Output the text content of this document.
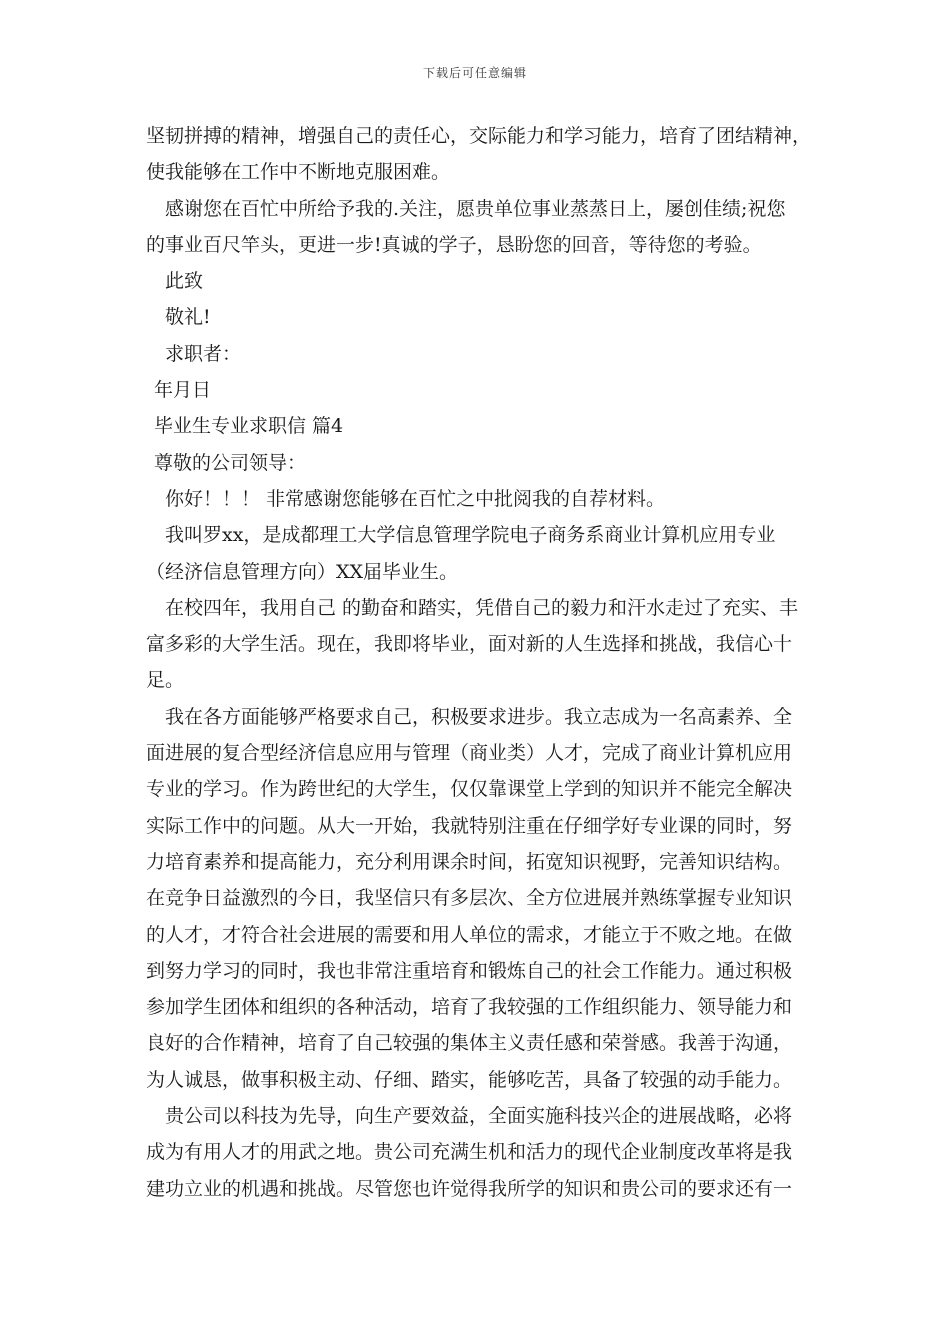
下载后可任意编辑
坚韧拼搏的精神，增强自己的责任心，交际能力和学习能力，培育了团结精神，
使我能够在工作中不断地克服困难。
感谢您在百忙中所给予我的.关注，愿贵单位事业蒸蒸日上，屡创佳绩;祝您
的事业百尺竿头，更进一步!真诚的学子，恳盼您的回音，等待您的考验。
此致
敬礼!
求职者：
年月日
毕业生专业求职信 篇4
尊敬的公司领导：
你好！！！ 非常感谢您能够在百忙之中批阅我的自荐材料。
我叫罗xx，是成都理工大学信息管理学院电子商务系商业计算机应用专业
（经济信息管理方向）XX届毕业生。
在校四年，我用自己 的勤奋和踏实，凭借自己的毅力和汗水走过了充实、丰
富多彩的大学生活。现在，我即将毕业，面对新的人生选择和挑战，我信心十
足。
我在各方面能够严格要求自己，积极要求进步。我立志成为一名高素养、全
面进展的复合型经济信息应用与管理（商业类）人才，完成了商业计算机应用
专业的学习。作为跨世纪的大学生，仅仅靠课堂上学到的知识并不能完全解决
实际工作中的问题。从大一开始，我就特别注重在仔细学好专业课的同时，努
力培育素养和提高能力，充分利用课余时间，拓宽知识视野，完善知识结构。
在竞争日益激烈的今日，我坚信只有多层次、全方位进展并熟练掌握专业知识
的人才，才符合社会进展的需要和用人单位的需求，才能立于不败之地。在做
到努力学习的同时，我也非常注重培育和锻炼自己的社会工作能力。通过积极
参加学生团体和组织的各种活动，培育了我较强的工作组织能力、领导能力和
良好的合作精神，培育了自己较强的集体主义责任感和荣誉感。我善于沟通，
为人诚恳，做事积极主动、仔细、踏实，能够吃苦，具备了较强的动手能力。
贵公司以科技为先导，向生产要效益，全面实施科技兴企的进展战略，必将
成为有用人才的用武之地。贵公司充满生机和活力的现代企业制度改革将是我
建功立业的机遇和挑战。尽管您也许觉得我所学的知识和贵公司的要求还有一
